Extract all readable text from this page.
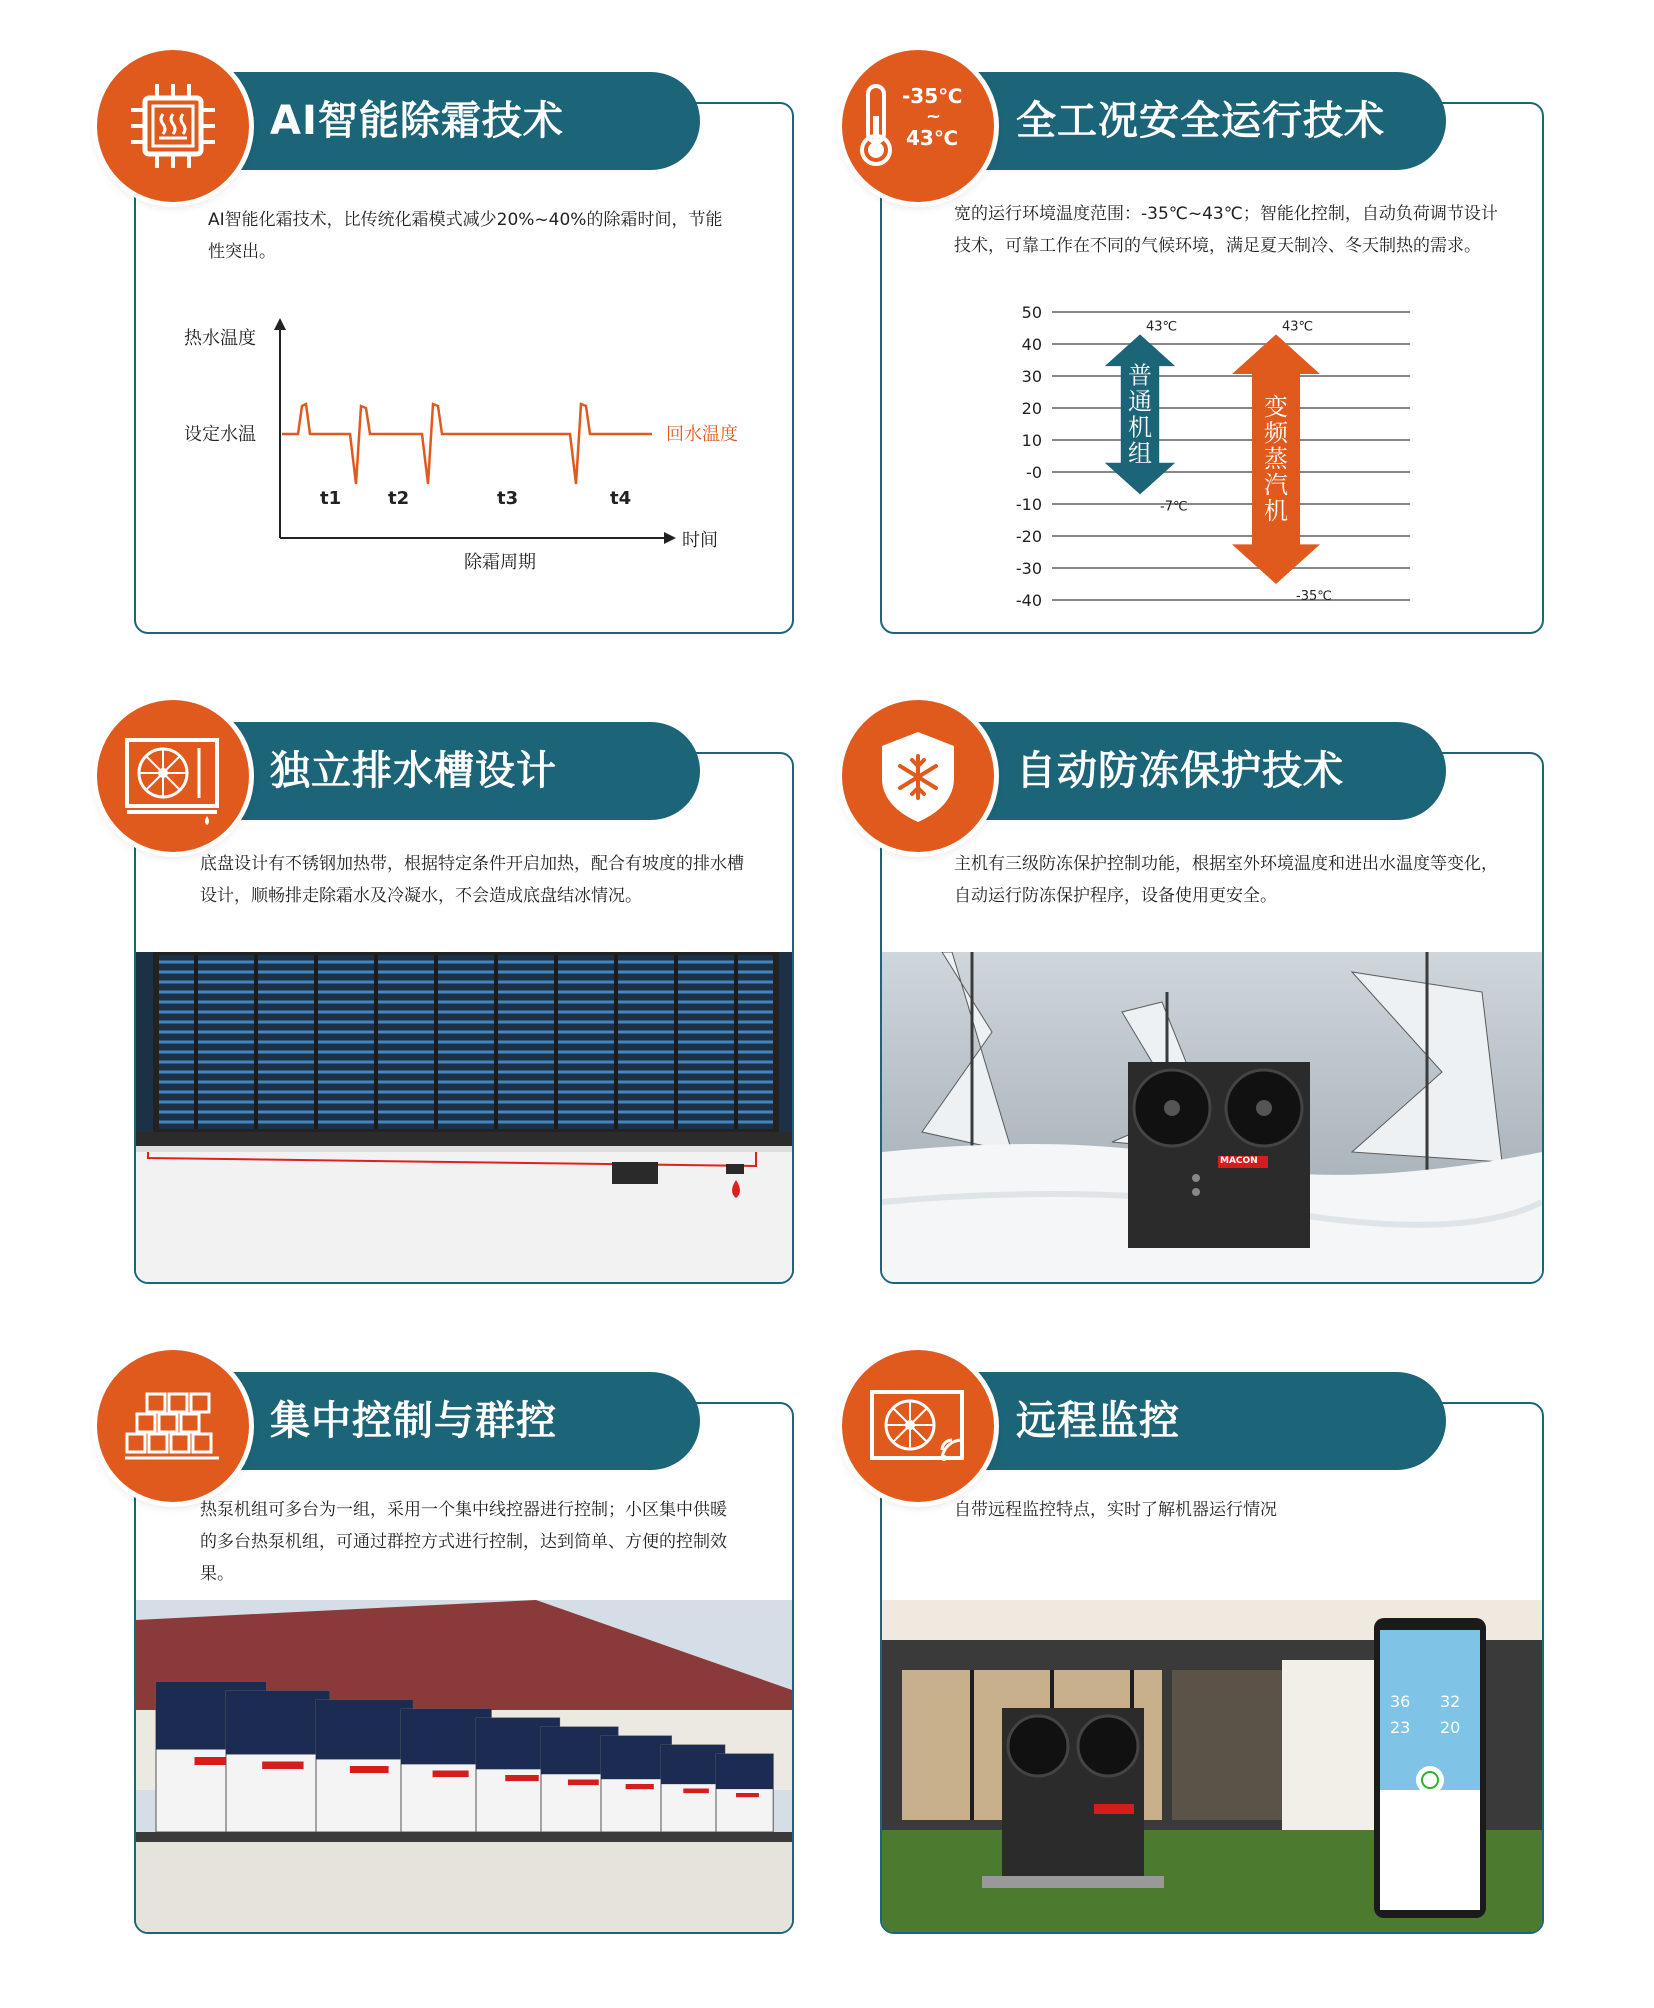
AI智能除霜技术
AI智能化霜技术，比传统化霜模式减少20%~40%的除霜时间，节能性突出。
热水温度
设定水温	回水温度
t1	t2	t3	t4
时间
除霜周期
全工况安全运行技术
-35℃
~
43℃
宽的运行环境温度范围：-35℃~43℃；智能化控制，自动负荷调节设计技术，可靠工作在不同的气候环境，满足夏天制冷、冬天制热的需求。
50
40
30
20
10
-0
-10
-20
-30
-40
43℃
-7℃
普
通
机
组
43℃
-35℃
变
频
蒸
汽
机
独立排水槽设计
底盘设计有不锈钢加热带，根据特定条件开启加热，配合有坡度的排水槽设计，顺畅排走除霜水及冷凝水，不会造成底盘结冰情况。
MACON
自动防冻保护技术
主机有三级防冻保护控制功能，根据室外环境温度和进出水温度等变化，自动运行防冻保护程序，设备使用更安全。
集中控制与群控
热泵机组可多台为一组，采用一个集中线控器进行控制；小区集中供暖的多台热泵机组，可通过群控方式进行控制，达到简单、方便的控制效果。
36 32
23 20
远程监控
自带远程监控特点，实时了解机器运行情况
